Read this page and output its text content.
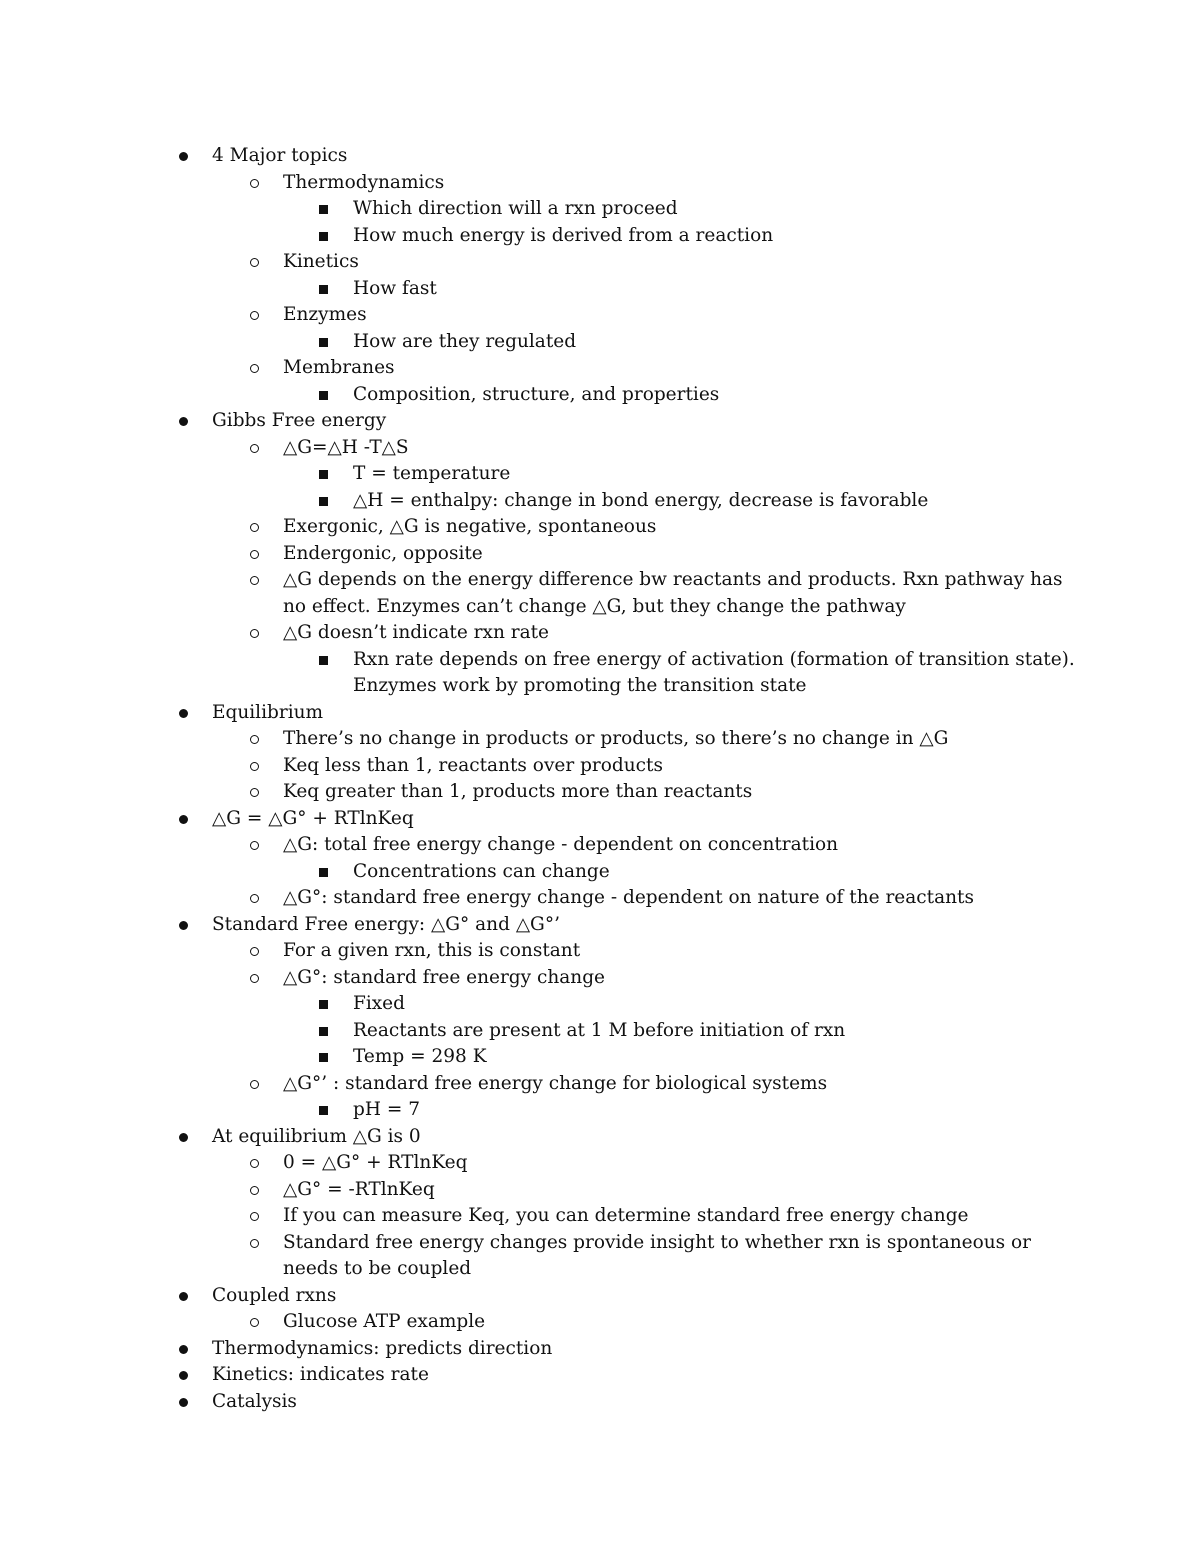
4 Major topics
Thermodynamics
Which direction will a rxn proceed
How much energy is derived from a reaction
Kinetics
How fast
Enzymes
How are they regulated
Membranes
Composition, structure, and properties
Gibbs Free energy
△G=△H -T△S
T = temperature
△H = enthalpy: change in bond energy, decrease is favorable
Exergonic, △G is negative, spontaneous
Endergonic, opposite
△G depends on the energy difference bw reactants and products. Rxn pathway has
no effect. Enzymes can’t change △G, but they change the pathway
△G doesn’t indicate rxn rate
Rxn rate depends on free energy of activation (formation of transition state).
Enzymes work by promoting the transition state
Equilibrium
There’s no change in products or products, so there’s no change in △G
Keq less than 1, reactants over products
Keq greater than 1, products more than reactants
△G = △G° + RTlnKeq
△G: total free energy change - dependent on concentration
Concentrations can change
△G°: standard free energy change - dependent on nature of the reactants
Standard Free energy: △G° and △G°’
For a given rxn, this is constant
△G°: standard free energy change
Fixed
Reactants are present at 1 M before initiation of rxn
Temp = 298 K
△G°’ : standard free energy change for biological systems
pH = 7
At equilibrium △G is 0
0 = △G° + RTlnKeq
△G° = -RTlnKeq
If you can measure Keq, you can determine standard free energy change
Standard free energy changes provide insight to whether rxn is spontaneous or
needs to be coupled
Coupled rxns
Glucose ATP example
Thermodynamics: predicts direction
Kinetics: indicates rate
Catalysis
